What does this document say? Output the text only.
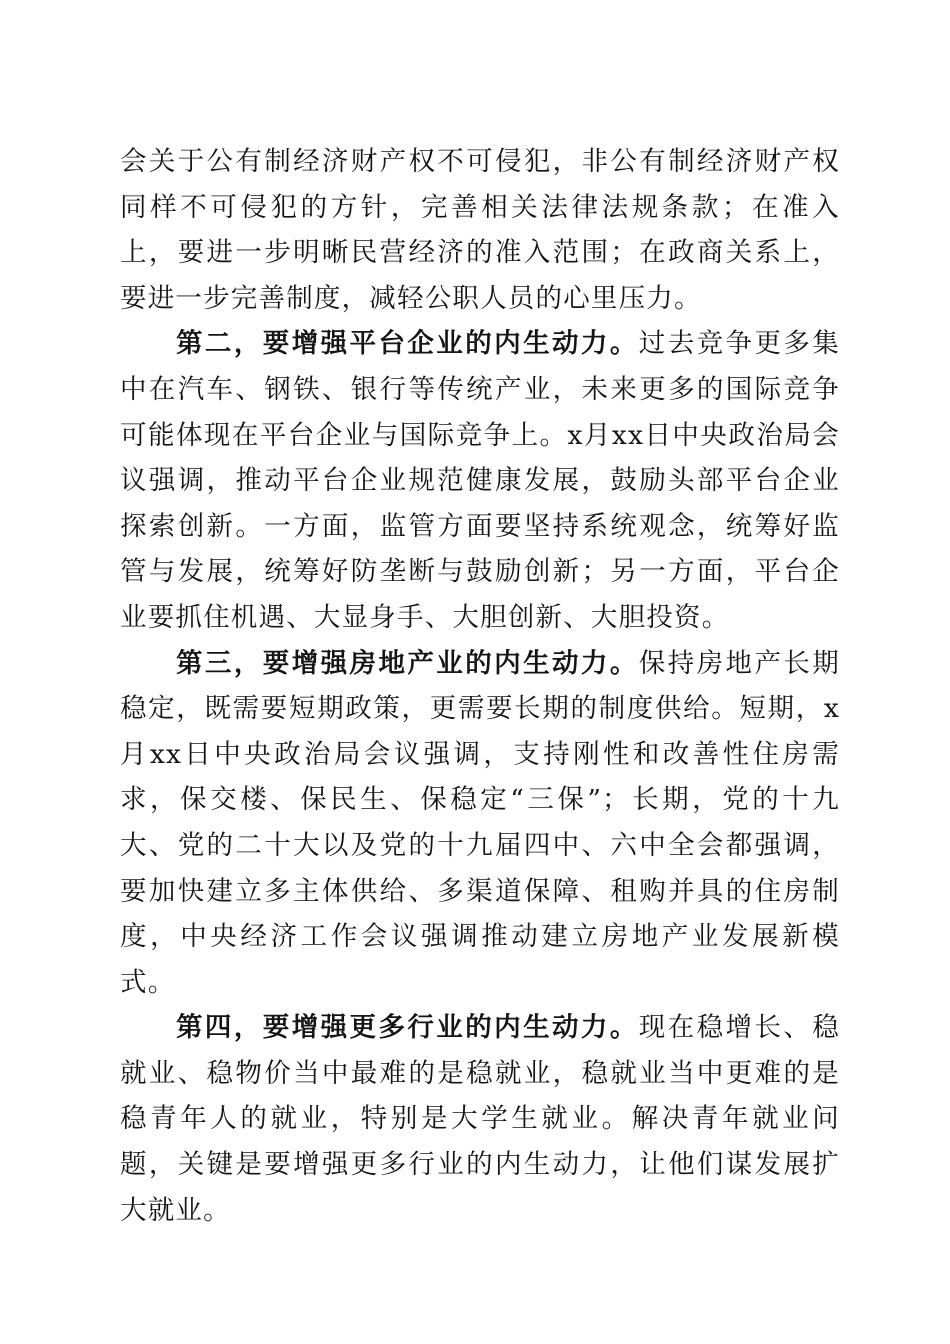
会关于公有制经济财产权不可侵犯，非公有制经济财产权同样不可侵犯的方针，完善相关法律法规条款；在准入上，要进一步明晰民营经济的准入范围；在政商关系上，要进一步完善制度，减轻公职人员的心里压力。

第二，要增强平台企业的内生动力。过去竞争更多集中在汽车、钢铁、银行等传统产业，未来更多的国际竞争可能体现在平台企业与国际竞争上。x月xx日中央政治局会议强调，推动平台企业规范健康发展，鼓励头部平台企业探索创新。一方面，监管方面要坚持系统观念，统筹好监管与发展，统筹好防垄断与鼓励创新；另一方面，平台企业要抓住机遇、大显身手、大胆创新、大胆投资。

第三，要增强房地产业的内生动力。保持房地产长期稳定，既需要短期政策，更需要长期的制度供给。短期，x月xx日中央政治局会议强调，支持刚性和改善性住房需求，保交楼、保民生、保稳定“三保”；长期，党的十九大、党的二十大以及党的十九届四中、六中全会都强调，要加快建立多主体供给、多渠道保障、租购并具的住房制度，中央经济工作会议强调推动建立房地产业发展新模式。

第四，要增强更多行业的内生动力。现在稳增长、稳就业、稳物价当中最难的是稳就业，稳就业当中更难的是稳青年人的就业，特别是大学生就业。解决青年就业问题，关键是要增强更多行业的内生动力，让他们谋发展扩大就业。
